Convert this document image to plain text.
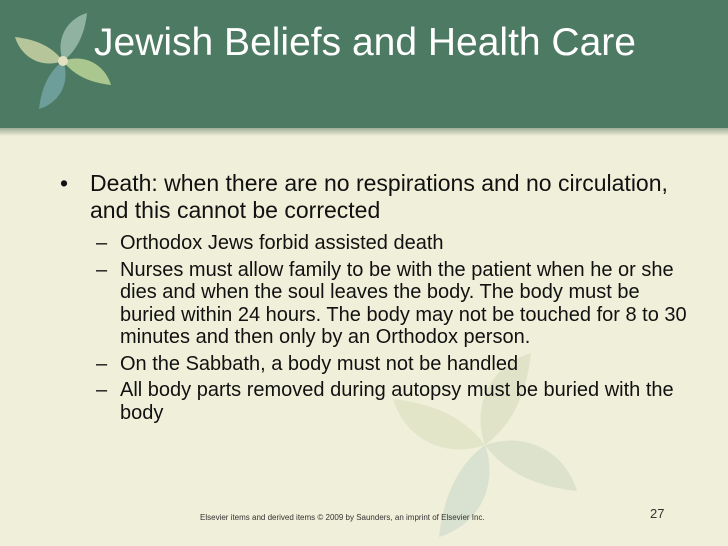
Jewish Beliefs and Health Care
• Death: when there are no respirations and no circulation, and this cannot be corrected
– Orthodox Jews forbid assisted death
– Nurses must allow family to be with the patient when he or she dies and when the soul leaves the body. The body must be buried within 24 hours. The body may not be touched for 8 to 30 minutes and then only by an Orthodox person.
– On the Sabbath, a body must not be handled
– All body parts removed during autopsy must be buried with the body
27
Elsevier items and derived items © 2009 by Saunders, an imprint of Elsevier Inc.
